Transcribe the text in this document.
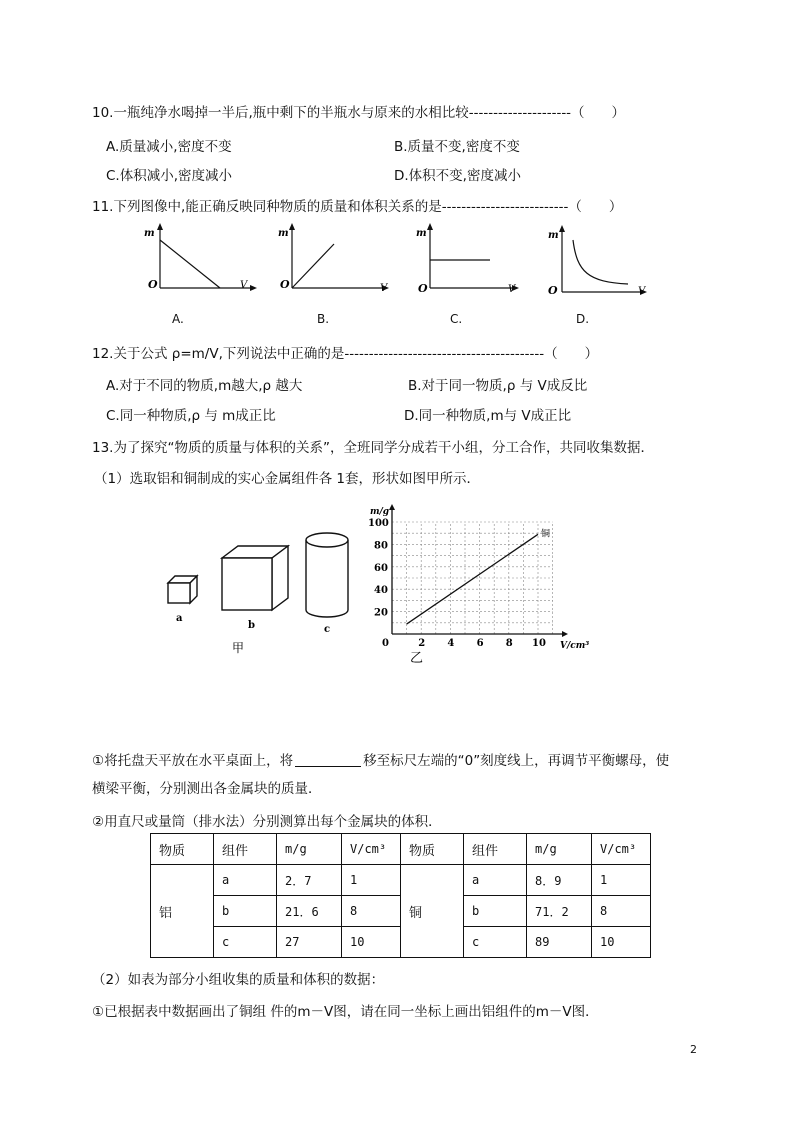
10.一瓶纯净水喝掉一半后,瓶中剩下的半瓶水与原来的水相比较---------------------（　　）
A.质量减小,密度不变	B.质量不变,密度不变
C.体积减小,密度减小	D.体积不变,密度减小
11.下列图像中,能正确反映同种物质的质量和体积关系的是--------------------------（　　）
m
O	V
A.
m
O	V
B.
m
O	V
C.
m
O	V
D.
12.关于公式 ρ=m/V,下列说法中正确的是-----------------------------------------（　　）
A.对于不同的物质,m越大,ρ 越大	B.对于同一物质,ρ 与 V成反比
C.同一种物质,ρ 与 m成正比	D.同一种物质,m与 V成正比
13.为了探究“物质的质量与体积的关系”，全班同学分成若干小组，分工合作，共同收集数据．
（1）选取铝和铜制成的实心金属组件各 1套，形状如图甲所示．
a
b	c
甲
m/g
V/cm³
0	2 4 6 8 10
20
40
60
80
100
乙
铜
①将托盘天平放在水平桌面上，将	移至标尺左端的“0”刻度线上，再调节平衡螺母，使
横梁平衡，分别测出各金属块的质量．
②用直尺或量筒（排水法）分别测算出每个金属块的体积．
物质	组件	m/g	V/cm³	物质	组件	m/g	V/cm³
铝	a	2．7	1	铜	a	8．9	1
	b	21．6	8		b	71．2	8
	c	27	10		c	89	10
（2）如表为部分小组收集的质量和体积的数据：
①已根据表中数据画出了铜组 件的m－V图，请在同一坐标上画出铝组件的m－V图．
2
